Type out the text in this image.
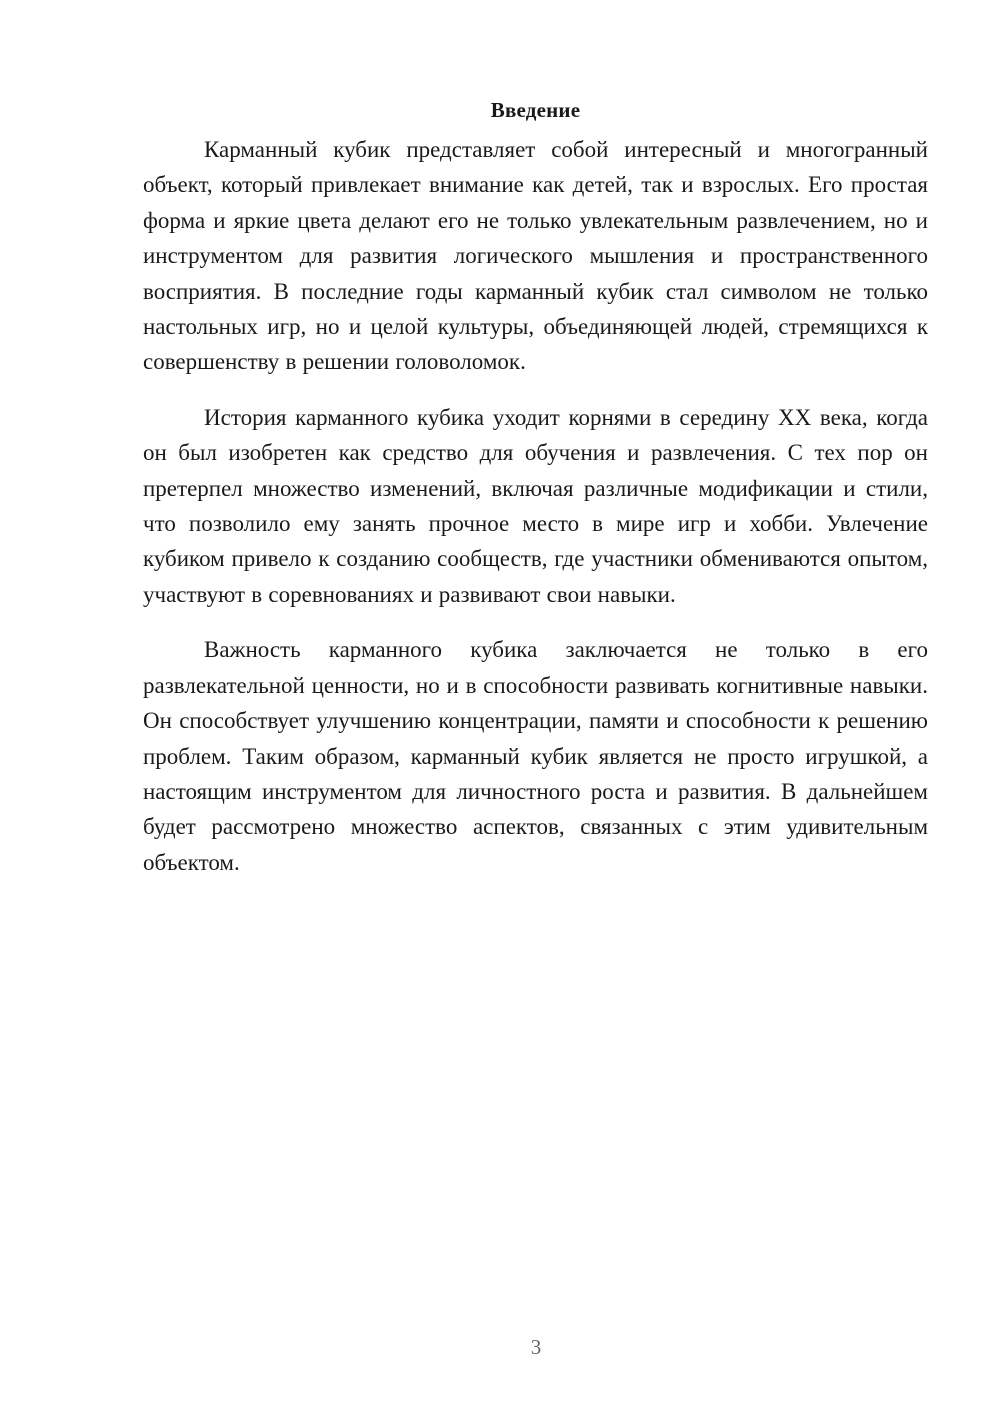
Введение

Карманный кубик представляет собой интересный и многогранный объект, который привлекает внимание как детей, так и взрослых. Его простая форма и яркие цвета делают его не только увлекательным развлечением, но и инструментом для развития логического мышления и пространственного восприятия. В последние годы карманный кубик стал символом не только настольных игр, но и целой культуры, объединяющей людей, стремящихся к совершенству в решении головоломок.

История карманного кубика уходит корнями в середину XX века, когда он был изобретен как средство для обучения и развлечения. С тех пор он претерпел множество изменений, включая различные модификации и стили, что позволило ему занять прочное место в мире игр и хобби. Увлечение кубиком привело к созданию сообществ, где участники обмениваются опытом, участвуют в соревнованиях и развивают свои навыки.

Важность карманного кубика заключается не только в его развлекательной ценности, но и в способности развивать когнитивные навыки. Он способствует улучшению концентрации, памяти и способности к решению проблем. Таким образом, карманный кубик является не просто игрушкой, а настоящим инструментом для личностного роста и развития. В дальнейшем будет рассмотрено множество аспектов, связанных с этим удивительным объектом.

3
